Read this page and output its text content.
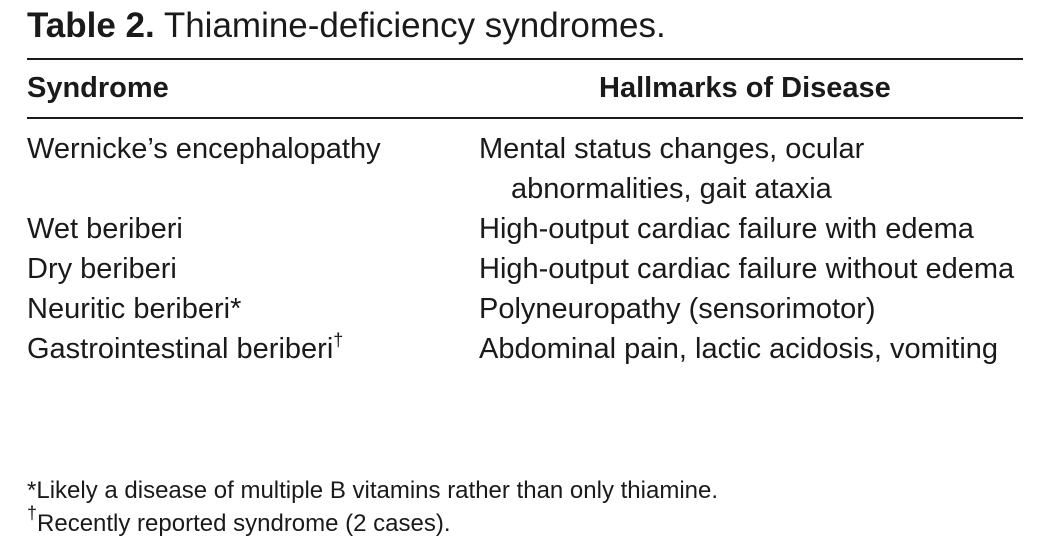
Table 2. Thiamine-deficiency syndromes.
Syndrome	Hallmarks of Disease
Wernicke’s encephalopathy	Mental status changes, ocular abnormalities, gait ataxia
Wet beriberi	High-output cardiac failure with edema
Dry beriberi	High-output cardiac failure without edema
Neuritic beriberi*	Polyneuropathy (sensorimotor)
Gastrointestinal beriberi†	Abdominal pain, lactic acidosis, vomiting
*Likely a disease of multiple B vitamins rather than only thiamine.
†Recently reported syndrome (2 cases).
